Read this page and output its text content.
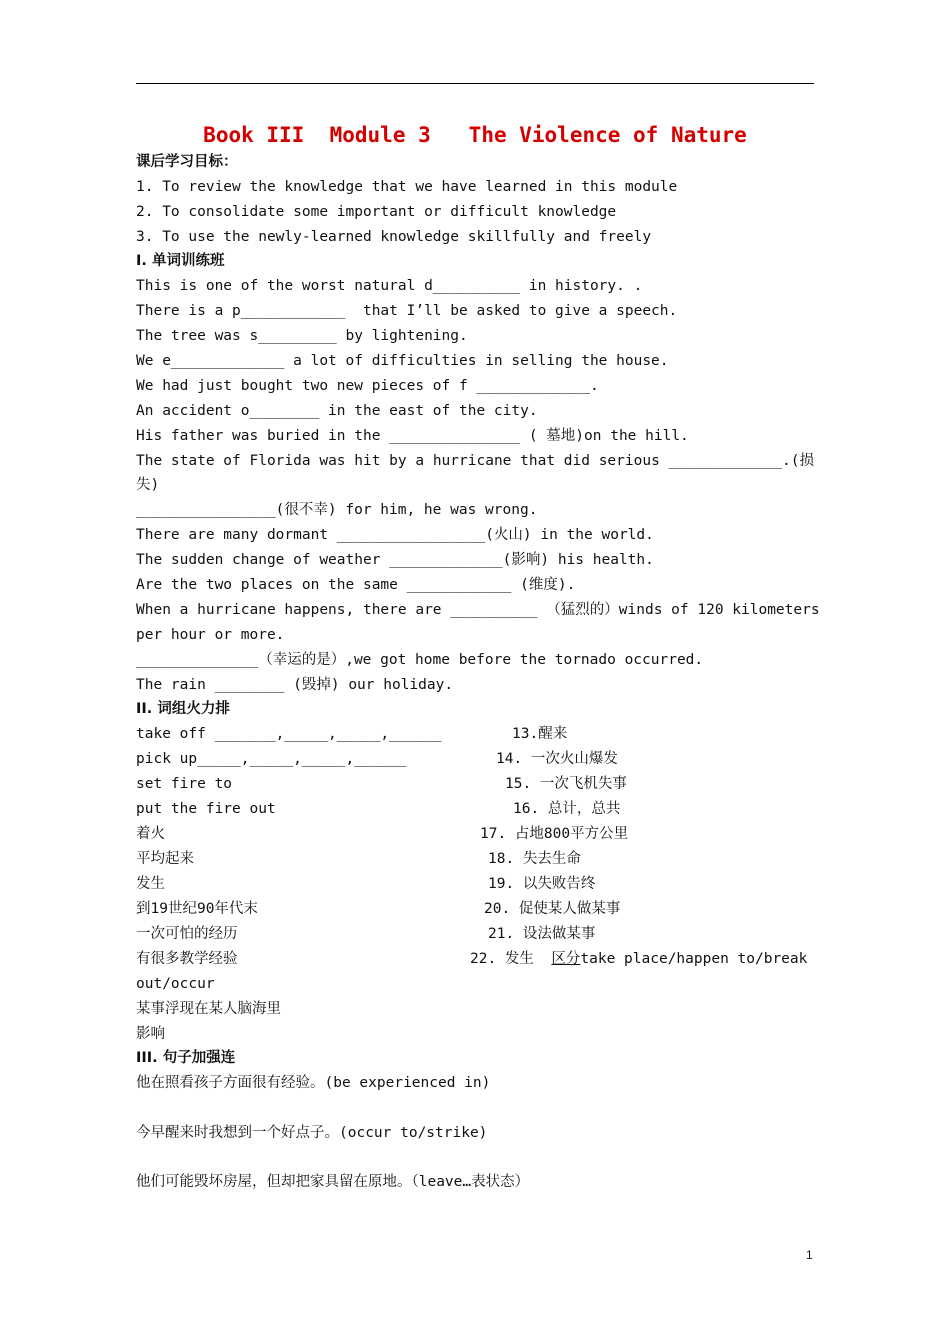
Book III  Module 3   The Violence of Nature
课后学习目标：
1. To review the knowledge that we have learned in this module
2. To consolidate some important or difficult knowledge
3. To use the newly-learned knowledge skillfully and freely
I. 单词训练班
This is one of the worst natural d__________ in history. .
There is a p____________  that I’ll be asked to give a speech.
The tree was s_________ by lightening.
We e_____________ a lot of difficulties in selling the house.
We had just bought two new pieces of f _____________.
An accident o________ in the east of the city.
His father was buried in the _______________ ( 墓地)on the hill.
The state of Florida was hit by a hurricane that did serious _____________.(损
失)
________________(很不幸) for him, he was wrong.
There are many dormant _________________(火山) in the world.
The sudden change of weather _____________(影响) his health.
Are the two places on the same ____________ (维度).
When a hurricane happens, there are __________ （猛烈的）winds of 120 kilometers
per hour or more.
______________（幸运的是）,we got home before the tornado occurred.
The rain ________ (毁掉) our holiday.
II. 词组火力排
take off _______,_____,_____,______
pick up_____,_____,_____,______
set fire to
put the fire out
着火
平均起来
发生
到19世纪90年代末
一次可怕的经历
有很多教学经验
13.醒来
14. 一次火山爆发
15. 一次飞机失事
16. 总计，总共
17. 占地800平方公里
18. 失去生命
19. 以失败告终
20. 促使某人做某事
21. 设法做某事
22. 发生 区分take place/happen to/break
out/occur
某事浮现在某人脑海里
影响
III. 句子加强连
他在照看孩子方面很有经验。(be experienced in)
今早醒来时我想到一个好点子。(occur to/strike)
他们可能毁坏房屋，但却把家具留在原地。（leave…表状态）
1
